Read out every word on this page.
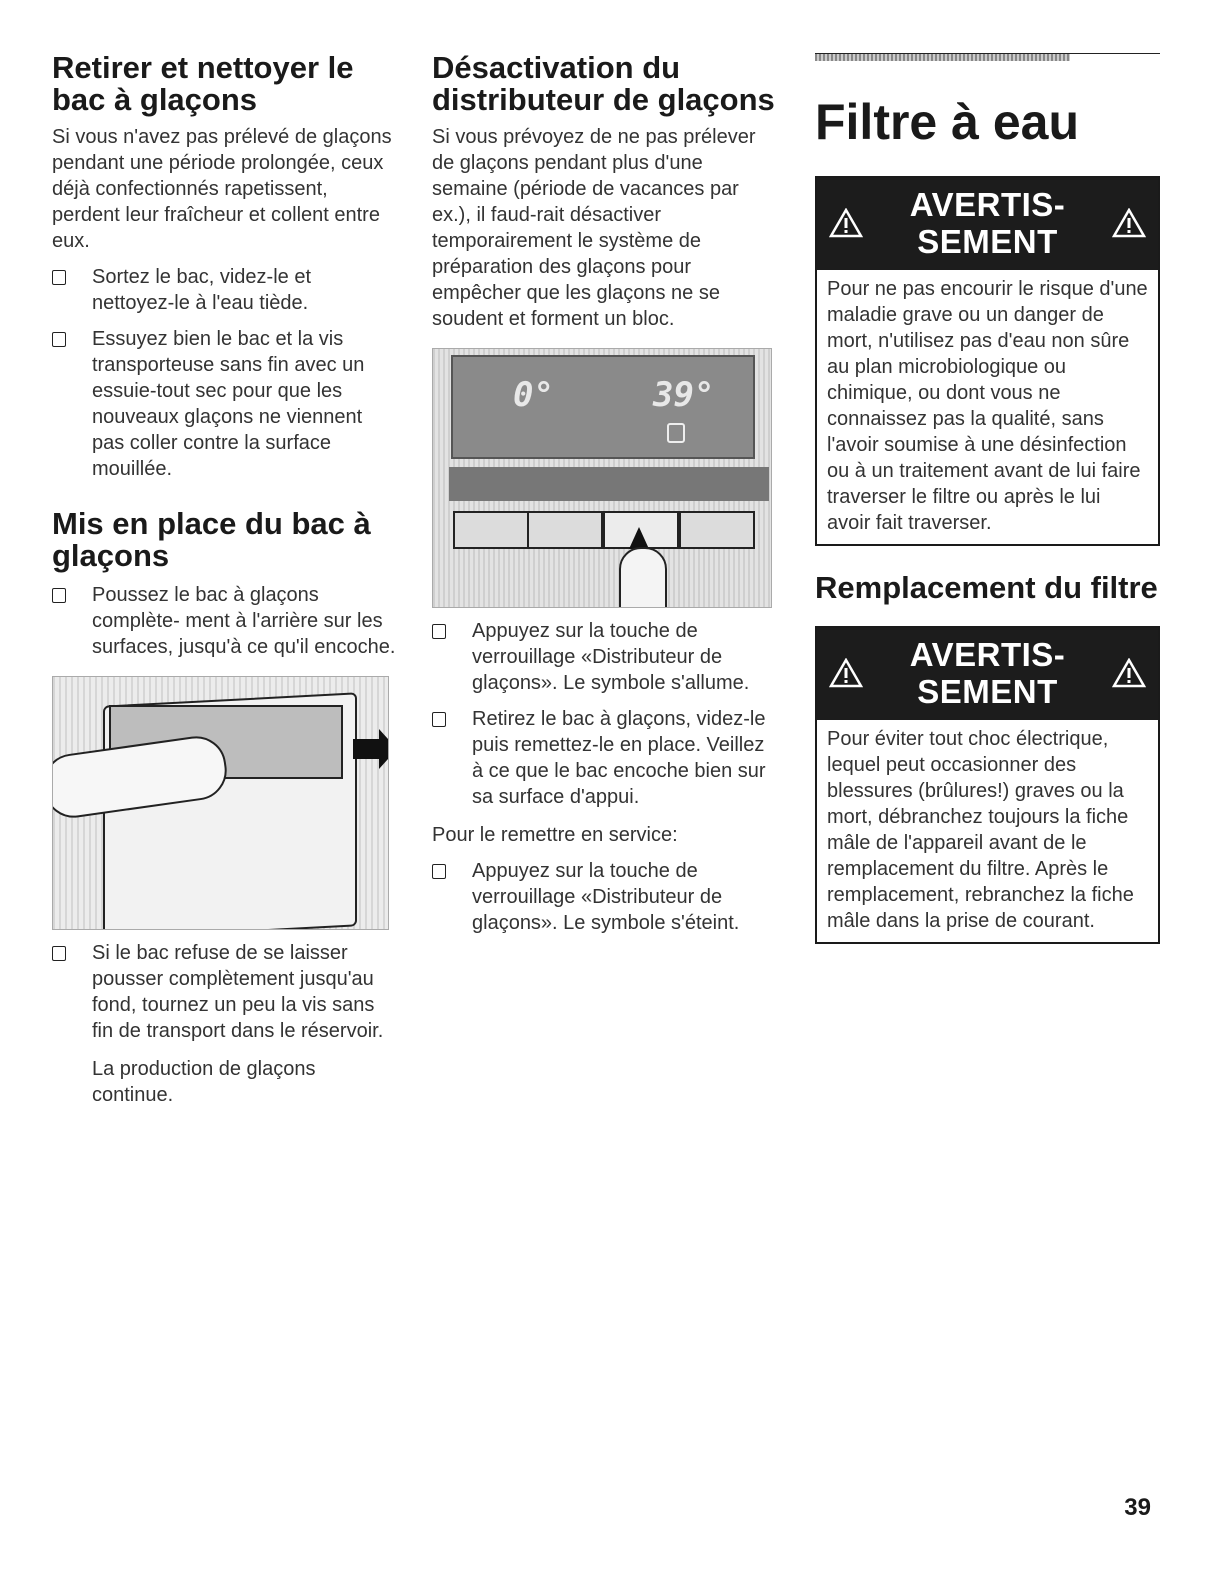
Retirer et nettoyer le bac à glaçons

Si vous n'avez pas prélevé de glaçons pendant une période prolongée, ceux déjà confectionnés rapetissent, perdent leur fraîcheur et collent entre eux.

Sortez le bac, videz-le et nettoyez-le à l'eau tiède.
Essuyez bien le bac et la vis transporteuse sans fin avec un essuie-tout sec pour que les nouveaux glaçons ne viennent pas coller contre la surface mouillée.
Mis en place du bac à glaçons
Poussez le bac à glaçons complète- ment à l'arrière sur les surfaces, jusqu'à ce qu'il encoche.
Si le bac refuse de se laisser pousser complètement jusqu'au fond, tournez un peu la vis sans fin de transport dans le réservoir.

La production de glaçons continue.

Désactivation du distributeur de glaçons

Si vous prévoyez de ne pas prélever de glaçons pendant plus d'une semaine (période de vacances par ex.), il faud-rait désactiver temporairement le système de préparation des glaçons pour empêcher que les glaçons ne se soudent et forment un bloc.

0°	39°
Appuyez sur la touche de verrouillage «Distributeur de glaçons». Le symbole s'allume.
Retirez le bac à glaçons, videz-le puis remettez-le en place. Veillez à ce que le bac encoche bien sur sa surface d'appui.

Pour le remettre en service:

Appuyez sur la touche de verrouillage «Distributeur de glaçons». Le symbole s'éteint.
Filtre à eau
AVERTIS-
SEMENT

Pour ne pas encourir le risque d'une maladie grave ou un danger de mort, n'utilisez pas d'eau non sûre au plan microbiologique ou chimique, ou dont vous ne connaissez pas la qualité, sans l'avoir soumise à une désinfection ou à un traitement avant de lui faire traverser le filtre ou après le lui avoir fait traverser.

Remplacement du filtre
AVERTIS-
SEMENT

Pour éviter tout choc électrique, lequel peut occasionner des blessures (brûlures!) graves ou la mort, débranchez toujours la fiche mâle de l'appareil avant de le remplacement du filtre. Après le remplacement, rebranchez la fiche mâle dans la prise de courant.

39
